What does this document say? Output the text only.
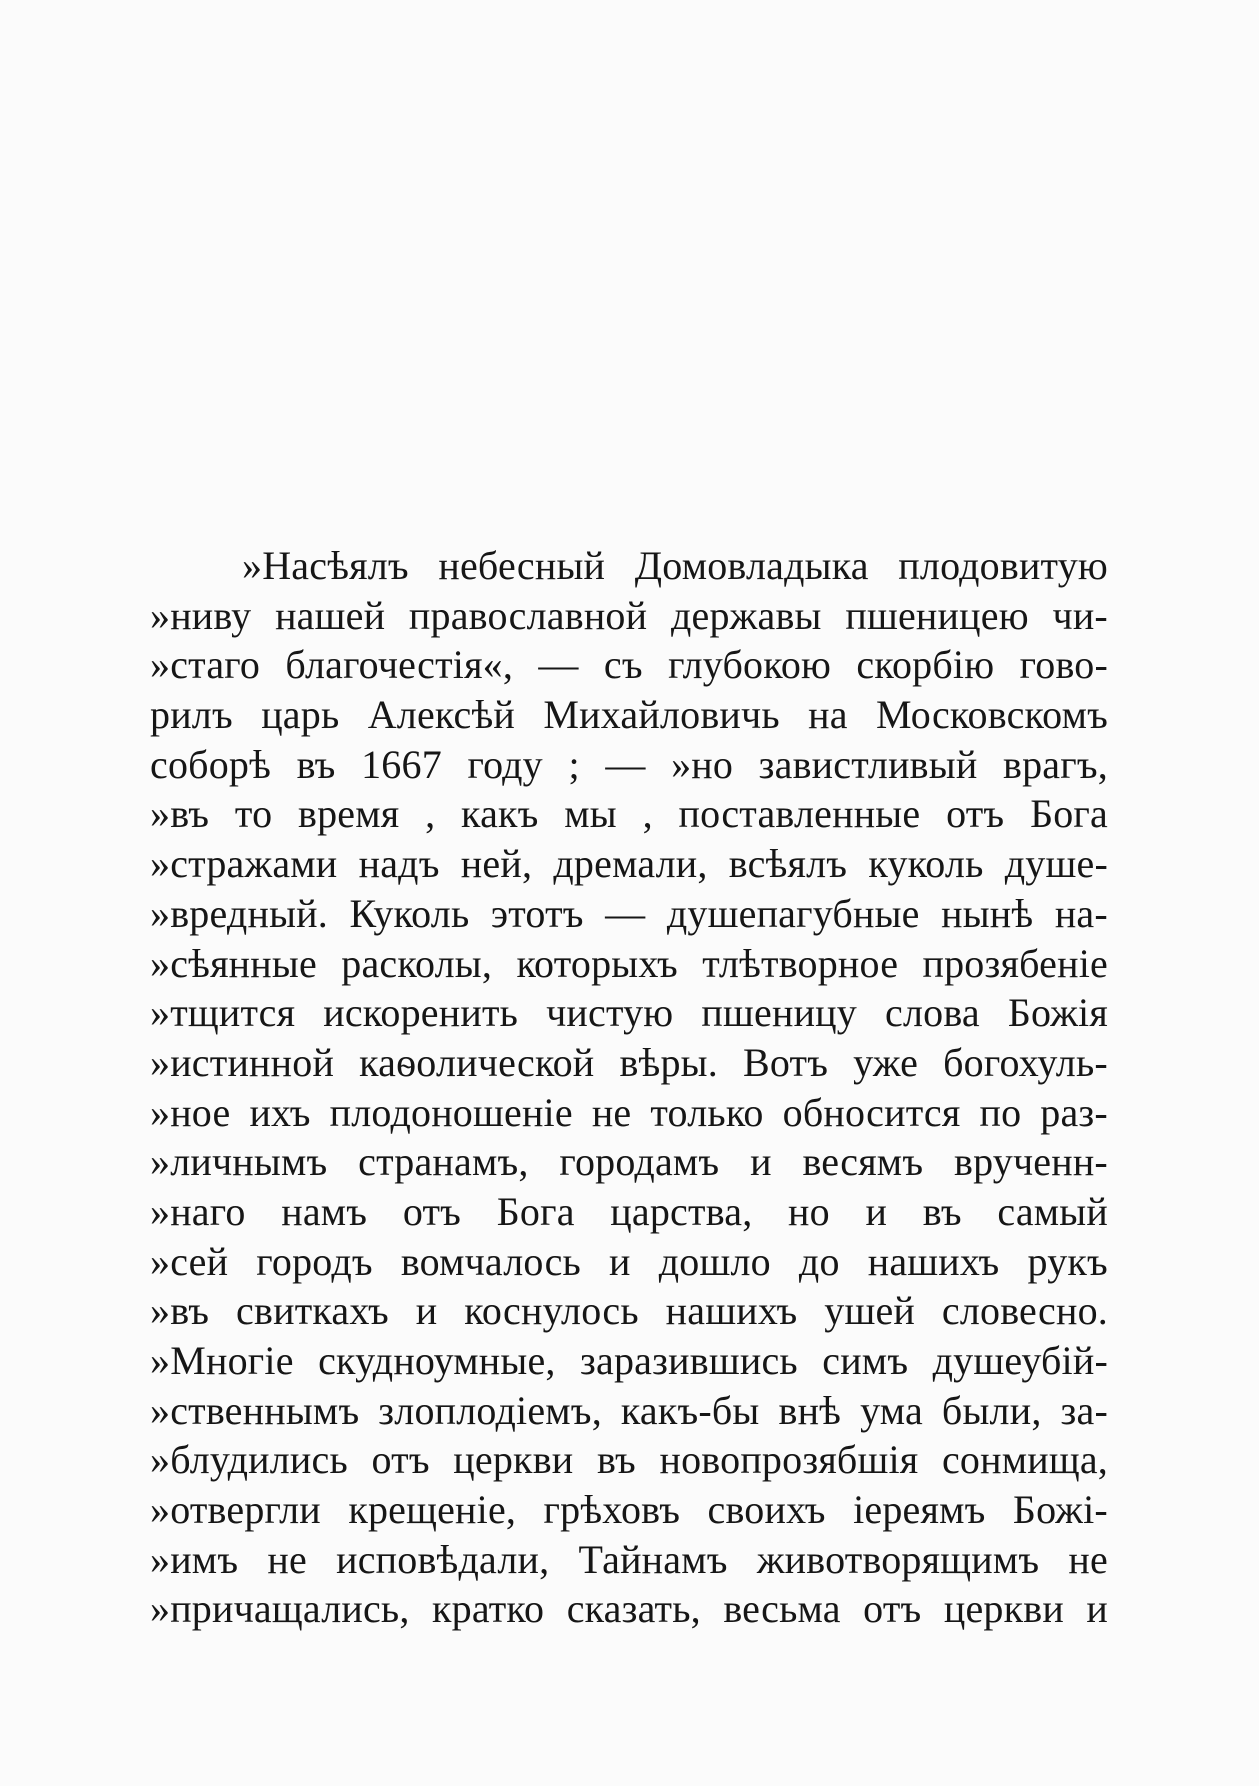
»Насѣялъ небесный Домовладыка плодовитую
»ниву нашей православной державы пшеницею чи-
»стаго благочестія«, — съ глубокою скорбію гово-
рилъ царь Алексѣй Михайловичь на Московскомъ
соборѣ въ 1667 году ; — »но завистливый врагъ,
»въ то время , какъ мы , поставленные отъ Бога
»стражами надъ ней, дремали, всѣялъ куколь душе-
»вредный. Куколь этотъ — душепагубные нынѣ на-
»сѣянные расколы, которыхъ тлѣтворное прозябеніе
»тщится искоренить чистую пшеницу слова Божія
»истинной каѳолической вѣры. Вотъ уже богохуль-
»ное ихъ плодоношеніе не только обносится по раз-
»личнымъ странамъ, городамъ и весямъ врученн-
»наго намъ отъ Бога царства, но и въ самый
»сей городъ вомчалось и дошло до нашихъ рукъ
»въ свиткахъ и коснулось нашихъ ушей словесно.
»Многіе скудноумные, заразившись симъ душеубій-
»ственнымъ злоплодіемъ, какъ-бы внѣ ума были, за-
»блудились отъ церкви въ новопрозябшія сонмища,
»отвергли крещеніе, грѣховъ своихъ іереямъ Божі-
»имъ не исповѣдали, Тайнамъ животворящимъ не
»причащались, кратко сказать, весьма отъ церкви и
